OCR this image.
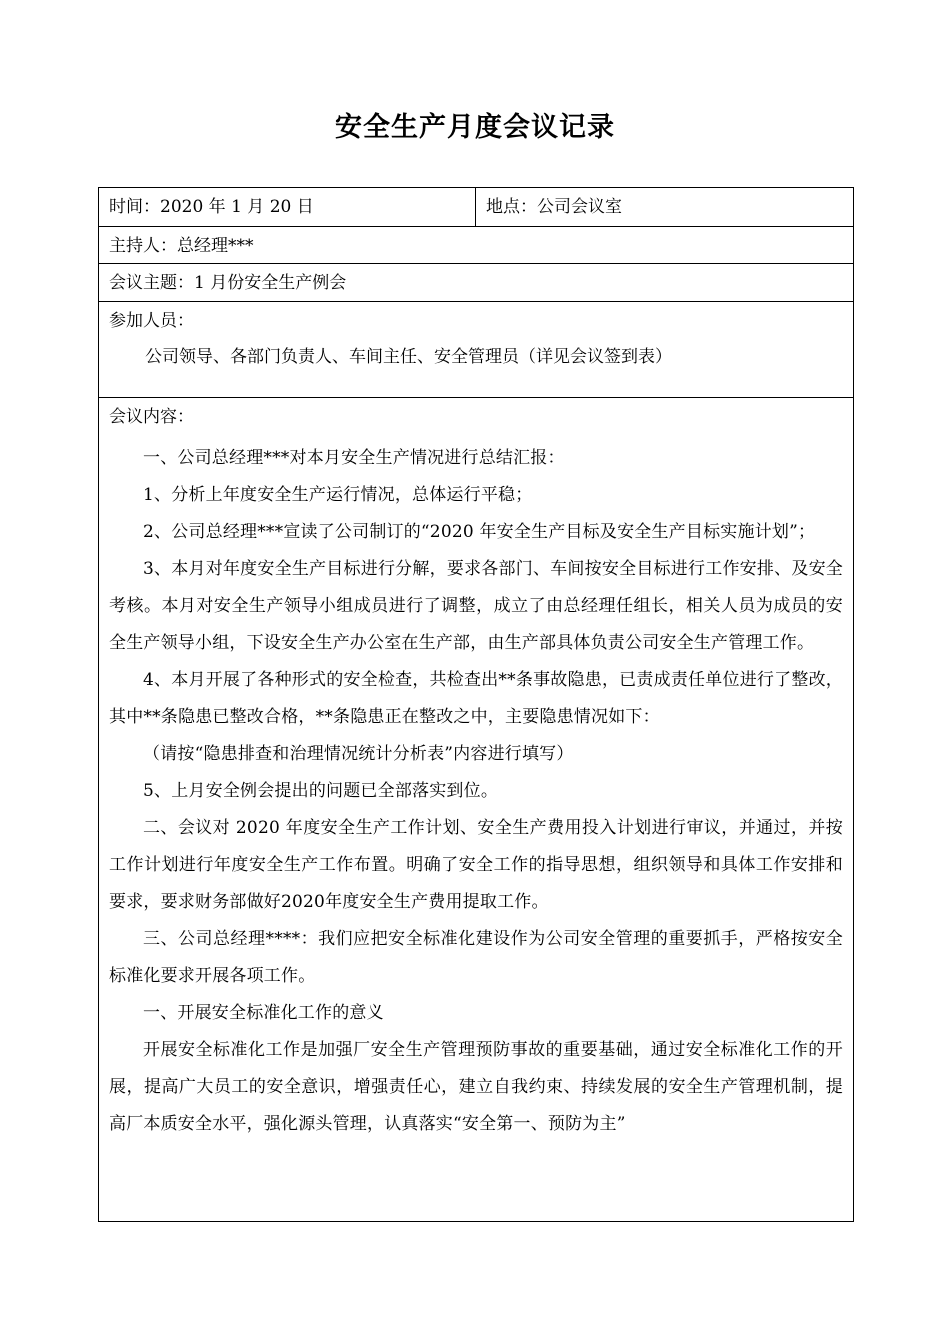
安全生产月度会议记录
时间：2020 年 1 月 20 日	地点：公司会议室

主持人：总经理***

会议主题：1 月份安全生产例会

参加人员：
公司领导、各部门负责人、车间主任、安全管理员（详见会议签到表）

会议内容：

一、公司总经理***对本月安全生产情况进行总结汇报：

1、分析上年度安全生产运行情况，总体运行平稳；

2、公司总经理***宣读了公司制订的“2020 年安全生产目标及安全生产目标实施计划”；

3、本月对年度安全生产目标进行分解，要求各部门、车间按安全目标进行工作安排、及安全考核。本月对安全生产领导小组成员进行了调整，成立了由总经理任组长，相关人员为成员的安全生产领导小组，下设安全生产办公室在生产部，由生产部具体负责公司安全生产管理工作。

4、本月开展了各种形式的安全检查，共检查出**条事故隐患，已责成责任单位进行了整改，其中**条隐患已整改合格，**条隐患正在整改之中，主要隐患情况如下：

（请按“隐患排查和治理情况统计分析表”内容进行填写）

5、上月安全例会提出的问题已全部落实到位。

二、会议对 2020 年度安全生产工作计划、安全生产费用投入计划进行审议，并通过，并按工作计划进行年度安全生产工作布置。明确了安全工作的指导思想，组织领导和具体工作安排和要求，要求财务部做好2020年度安全生产费用提取工作。

三、公司总经理****：我们应把安全标准化建设作为公司安全管理的重要抓手，严格按安全标准化要求开展各项工作。

一、开展安全标准化工作的意义

开展安全标准化工作是加强厂安全生产管理预防事故的重要基础，通过安全标准化工作的开展，提高广大员工的安全意识，增强责任心，建立自我约束、持续发展的安全生产管理机制，提高厂本质安全水平，强化源头管理，认真落实“安全第一、预防为主”
